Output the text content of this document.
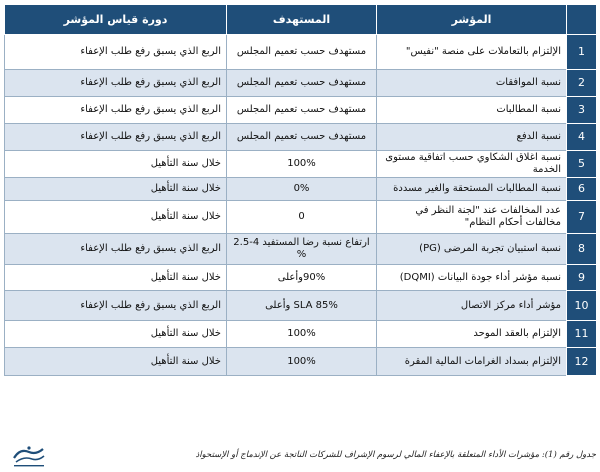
	المؤشر	المستهدف	دورة قياس المؤشر
1	الإلتزام بالتعاملات على منصة "نفيس"	مستهدف حسب تعميم المجلس	الربع الذي يسبق رفع طلب الإعفاء
2	نسبة الموافقات	مستهدف حسب تعميم المجلس	الربع الذي يسبق رفع طلب الإعفاء
3	نسبة المطالبات	مستهدف حسب تعميم المجلس	الربع الذي يسبق رفع طلب الإعفاء
4	نسبة الدفع	مستهدف حسب تعميم المجلس	الربع الذي يسبق رفع طلب الإعفاء
5	نسبة اغلاق الشكاوي حسب اتفاقية مستوى الخدمة	100%	خلال سنة التأهيل
6	نسبة المطالبات المستحقة والغير مسددة	0%	خلال سنة التأهيل
7	عدد المخالفات عند "لجنة النظر في مخالفات أحكام النظام"	0	خلال سنة التأهيل
8	نسبة استبيان تجربة المرضى (PG)	ارتفاع نسبة رضا المستفيد 4-2.5 %	الربع الذي يسبق رفع طلب الإعفاء
9	نسبة مؤشر أداء جودة البيانات (DQMI)	90%وأعلى	خلال سنة التأهيل
10	مؤشر أداء مركز الاتصال	SLA 85% وأعلى	الربع الذي يسبق رفع طلب الإعفاء
11	الإلتزام بالعقد الموحد	100%	خلال سنة التأهيل
12	الإلتزام بسداد الغرامات المالية المقرة	100%	خلال سنة التأهيل
جدول رقم (1): مؤشرات الأداء المتعلقة بالإعفاء المالي لرسوم الإشراف للشركات الناتجة عن الإندماج أو الإستحواذ
